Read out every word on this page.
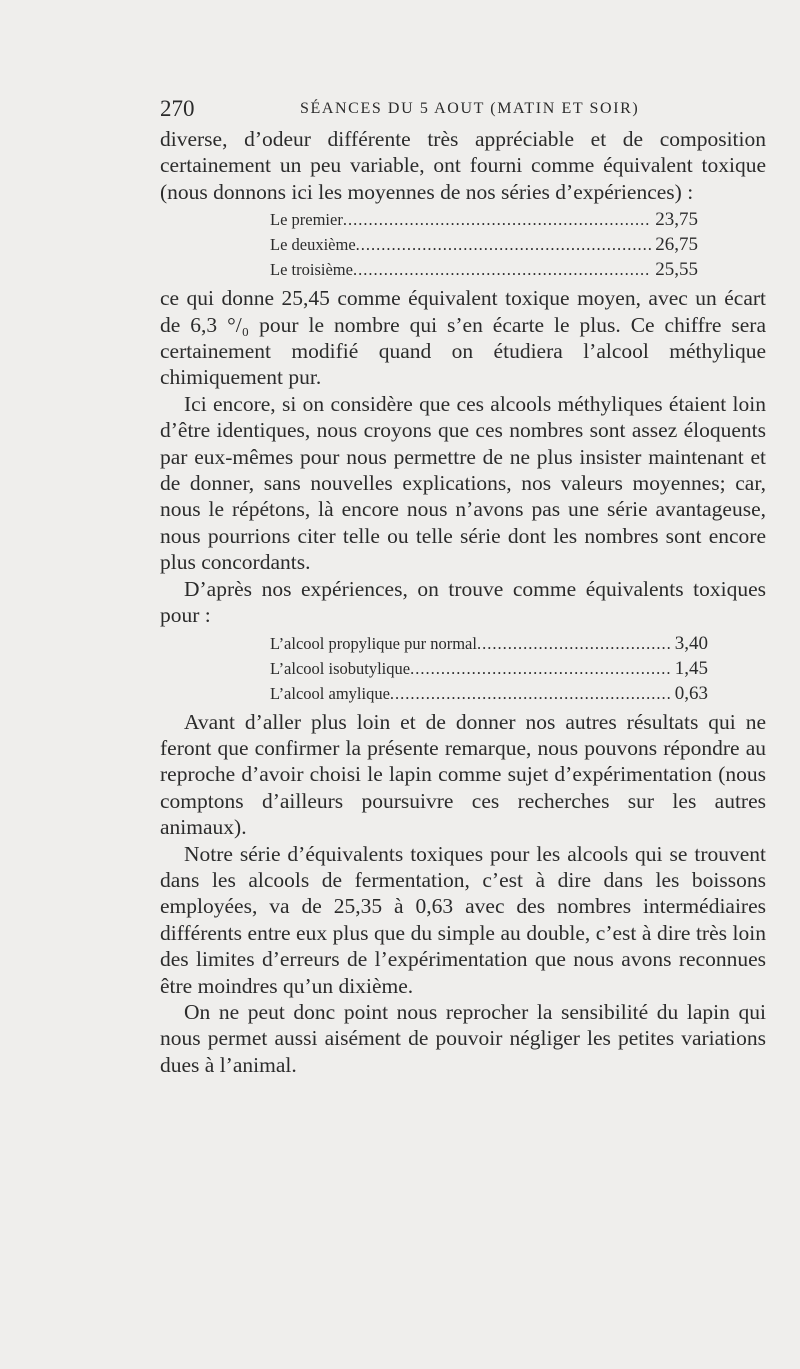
270	SÉANCES DU 5 AOUT (MATIN ET SOIR)

diverse, d’odeur différente très appréciable et de composition certainement un peu variable, ont fourni comme équivalent toxique (nous donnons ici les moyennes de nos séries d’expériences) :

Le premier .....	23,75
Le deuxième .....	26,75
Le troisième .....	25,55

ce qui donne 25,45 comme équivalent toxique moyen, avec un écart de 6,3 °/₀ pour le nombre qui s’en écarte le plus. Ce chiffre sera certainement modifié quand on étudiera l’alcool méthylique chimiquement pur.

Ici encore, si on considère que ces alcools méthyliques étaient loin d’être identiques, nous croyons que ces nombres sont assez éloquents par eux-mêmes pour nous permettre de ne plus insister maintenant et de donner, sans nouvelles explications, nos valeurs moyennes; car, nous le répétons, là encore nous n’avons pas une série avantageuse, nous pourrions citer telle ou telle série dont les nombres sont encore plus concordants.

D’après nos expériences, on trouve comme équivalents toxiques pour :

L’alcool propylique pur normal .....	3,40
L’alcool isobutylique .....	1,45
L’alcool amylique .....	0,63

Avant d’aller plus loin et de donner nos autres résultats qui ne feront que confirmer la présente remarque, nous pouvons répondre au reproche d’avoir choisi le lapin comme sujet d’expérimentation (nous comptons d’ailleurs poursuivre ces recherches sur les autres animaux).

Notre série d’équivalents toxiques pour les alcools qui se trouvent dans les alcools de fermentation, c’est à dire dans les boissons employées, va de 25,35 à 0,63 avec des nombres intermédiaires différents entre eux plus que du simple au double, c’est à dire très loin des limites d’erreurs de l’expérimentation que nous avons reconnues être moindres qu’un dixième.

On ne peut donc point nous reprocher la sensibilité du lapin qui nous permet aussi aisément de pouvoir négliger les petites variations dues à l’animal.
